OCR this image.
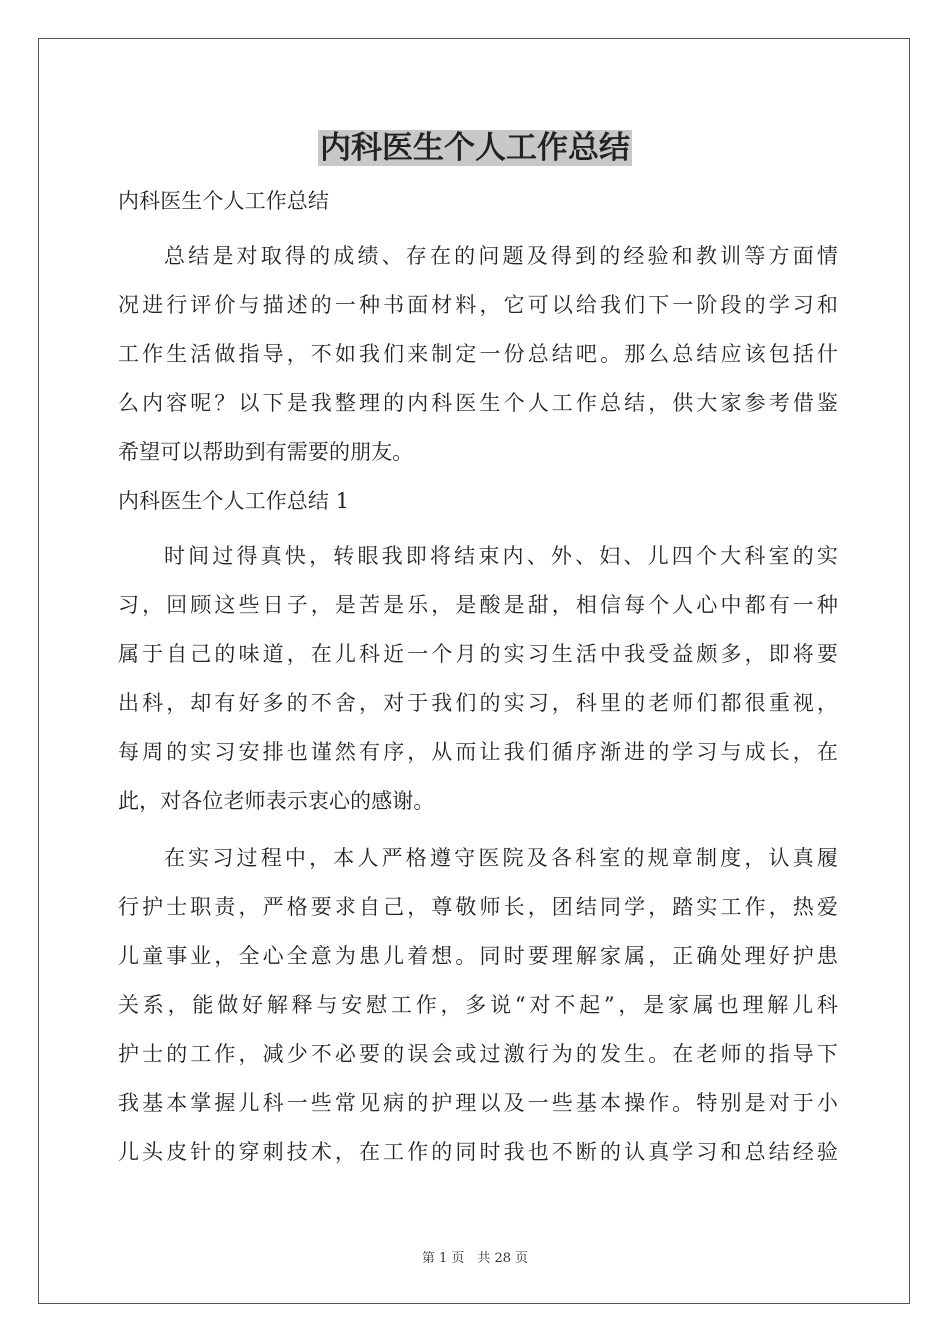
内科医生个人工作总结
内科医生个人工作总结
总结是对取得的成绩、存在的问题及得到的经验和教训等方面情
况进行评价与描述的一种书面材料，它可以给我们下一阶段的学习和
工作生活做指导，不如我们来制定一份总结吧。那么总结应该包括什
么内容呢？以下是我整理的内科医生个人工作总结，供大家参考借鉴
希望可以帮助到有需要的朋友。
内科医生个人工作总结 1
时间过得真快，转眼我即将结束内、外、妇、儿四个大科室的实
习，回顾这些日子，是苦是乐，是酸是甜，相信每个人心中都有一种
属于自己的味道，在儿科近一个月的实习生活中我受益颇多，即将要
出科，却有好多的不舍，对于我们的实习，科里的老师们都很重视，
每周的实习安排也谨然有序，从而让我们循序渐进的学习与成长，在
此，对各位老师表示衷心的感谢。
在实习过程中，本人严格遵守医院及各科室的规章制度，认真履
行护士职责，严格要求自己，尊敬师长，团结同学，踏实工作，热爱
儿童事业，全心全意为患儿着想。同时要理解家属，正确处理好护患
关系，能做好解释与安慰工作，多说“对不起”，是家属也理解儿科
护士的工作，减少不必要的误会或过激行为的发生。在老师的指导下
我基本掌握儿科一些常见病的护理以及一些基本操作。特别是对于小
儿头皮针的穿刺技术，在工作的同时我也不断的认真学习和总结经验
第 1 页　共 28 页
